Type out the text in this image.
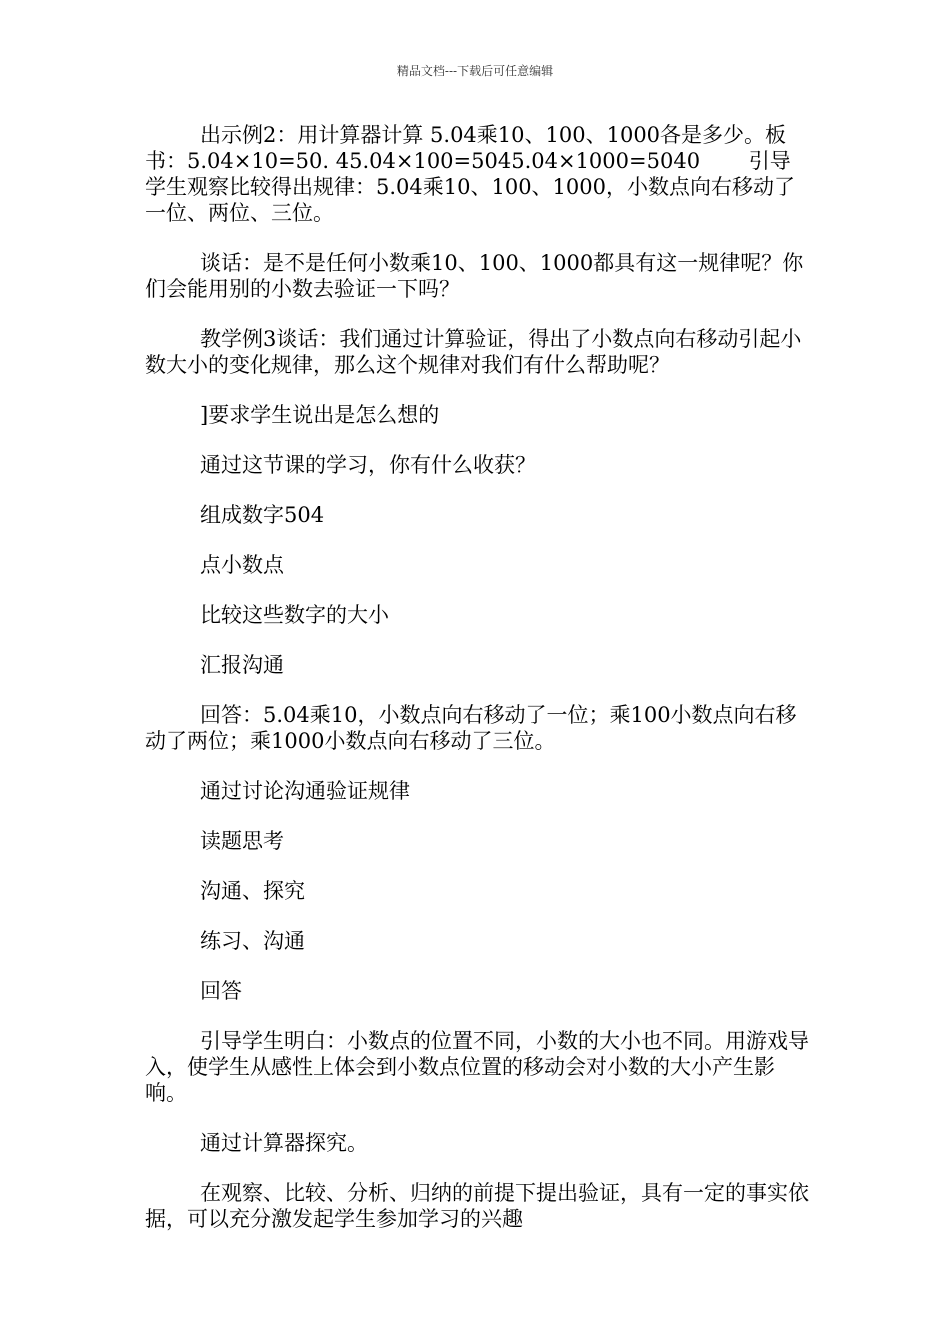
精品文档---下载后可任意编辑

出示例2：用计算器计算 5.04乘10、100、1000各是多少。板书：5.04×10=50. 45.04×100=5045.04×1000=5040　　 引导学生观察比较得出规律：5.04乘10、100、1000，小数点向右移动了一位、两位、三位。

谈话：是不是任何小数乘10、100、1000都具有这一规律呢？你们会能用别的小数去验证一下吗？

教学例3谈话：我们通过计算验证，得出了小数点向右移动引起小数大小的变化规律，那么这个规律对我们有什么帮助呢？

]要求学生说出是怎么想的

通过这节课的学习，你有什么收获？

组成数字504

点小数点

比较这些数字的大小

汇报沟通

回答：5.04乘10，小数点向右移动了一位；乘100小数点向右移动了两位；乘1000小数点向右移动了三位。

通过讨论沟通验证规律

读题思考

沟通、探究

练习、沟通

回答

引导学生明白：小数点的位置不同，小数的大小也不同。用游戏导入，使学生从感性上体会到小数点位置的移动会对小数的大小产生影响。

通过计算器探究。

在观察、比较、分析、归纳的前提下提出验证，具有一定的事实依据，可以充分激发起学生参加学习的兴趣
